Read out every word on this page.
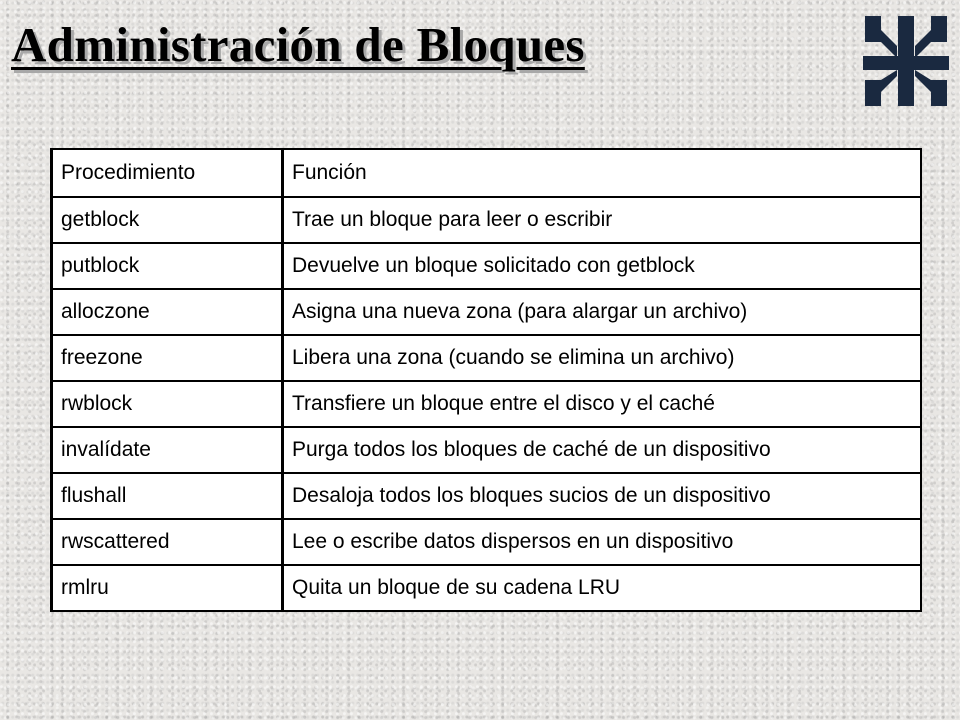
Administración de Bloques
Procedimiento	Función
getblock	Trae un bloque para leer o escribir
putblock	Devuelve un bloque solicitado con getblock
alloczone	Asigna una nueva zona (para alargar un archivo)
freezone	Libera una zona (cuando se elimina un archivo)
rwblock	Transfiere un bloque entre el disco y el caché
invalídate	Purga todos los bloques de caché de un dispositivo
flushall	Desaloja todos los bloques sucios de un dispositivo
rwscattered	Lee o escribe datos dispersos en un dispositivo
rmlru	Quita un bloque de su cadena LRU
